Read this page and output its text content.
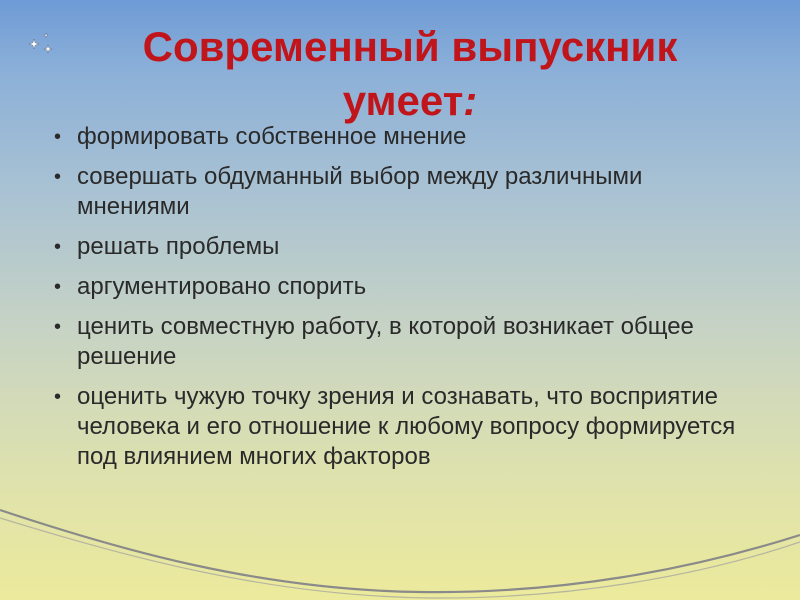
Современный выпускник
умеет:
• формировать собственное мнение
• совершать обдуманный выбор между различными мнениями
• решать проблемы
• аргументировано спорить
• ценить совместную работу, в которой возникает общее решение
• оценить чужую точку зрения и сознавать, что восприятие человека и его отношение к любому вопросу формируется под влиянием многих факторов
